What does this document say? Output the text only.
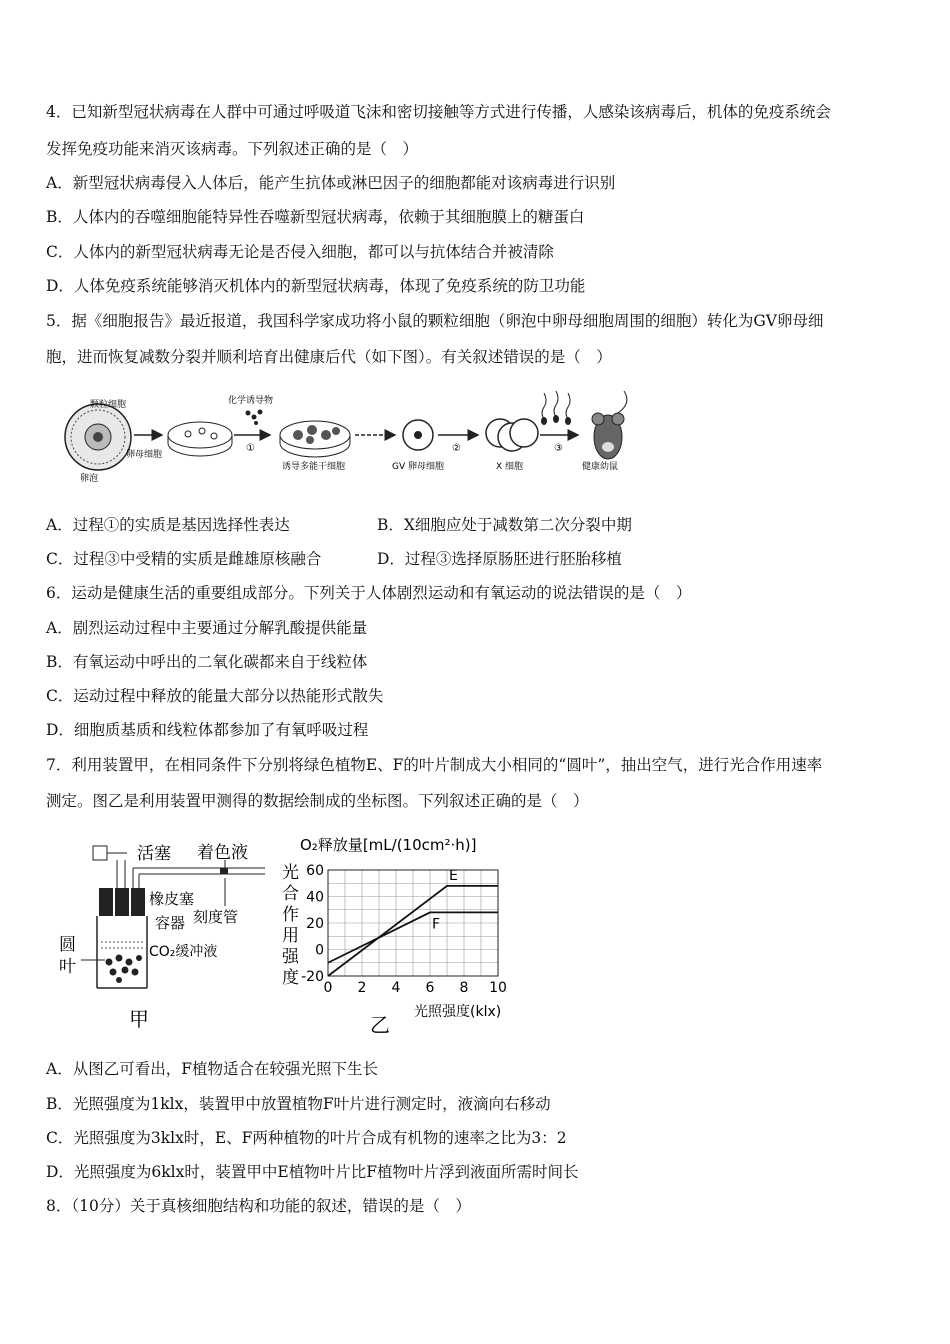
4．已知新型冠状病毒在人群中可通过呼吸道飞沫和密切接触等方式进行传播，人感染该病毒后，机体的免疫系统会
发挥免疫功能来消灭该病毒。下列叙述正确的是（　）
A．新型冠状病毒侵入人体后，能产生抗体或淋巴因子的细胞都能对该病毒进行识别
B．人体内的吞噬细胞能特异性吞噬新型冠状病毒，依赖于其细胞膜上的糖蛋白
C．人体内的新型冠状病毒无论是否侵入细胞，都可以与抗体结合并被清除
D．人体免疫系统能够消灭机体内的新型冠状病毒，体现了免疫系统的防卫功能
5．据《细胞报告》最近报道，我国科学家成功将小鼠的颗粒细胞（卵泡中卵母细胞周围的细胞）转化为GV卵母细
胞，进而恢复减数分裂并顺利培育出健康后代（如下图）。有关叙述错误的是（　）
颗粒细胞
卵母细胞
卵泡
化学诱导物
①
诱导多能干细胞	GV 卵母细胞
②
X 细胞
③
健康幼鼠
A．过程①的实质是基因选择性表达	B．X细胞应处于减数第二次分裂中期
C．过程③中受精的实质是雌雄原核融合	D．过程③选择原肠胚进行胚胎移植
6．运动是健康生活的重要组成部分。下列关于人体剧烈运动和有氧运动的说法错误的是（　）
A．剧烈运动过程中主要通过分解乳酸提供能量
B．有氧运动中呼出的二氧化碳都来自于线粒体
C．运动过程中释放的能量大部分以热能形式散失
D．细胞质基质和线粒体都参加了有氧呼吸过程
7．利用装置甲，在相同条件下分别将绿色植物E、F的叶片制成大小相同的“圆叶”，抽出空气，进行光合作用速率
测定。图乙是利用装置甲测得的数据绘制成的坐标图。下列叙述正确的是（　）
活塞 着色液
橡皮塞
容器 刻度管
CO₂缓冲液
圆
叶
甲
O₂释放量[mL/(10cm²·h)]
光
合
作
用
强
度 0 2 4 6 8 10
-20
0
20
40
60	E
F
光照强度(klx)
乙
A．从图乙可看出，F植物适合在较强光照下生长
B．光照强度为1klx，装置甲中放置植物F叶片进行测定时，液滴向右移动
C．光照强度为3klx时，E、F两种植物的叶片合成有机物的速率之比为3：2
D．光照强度为6klx时，装置甲中E植物叶片比F植物叶片浮到液面所需时间长
8．（10分）关于真核细胞结构和功能的叙述，错误的是（　）
